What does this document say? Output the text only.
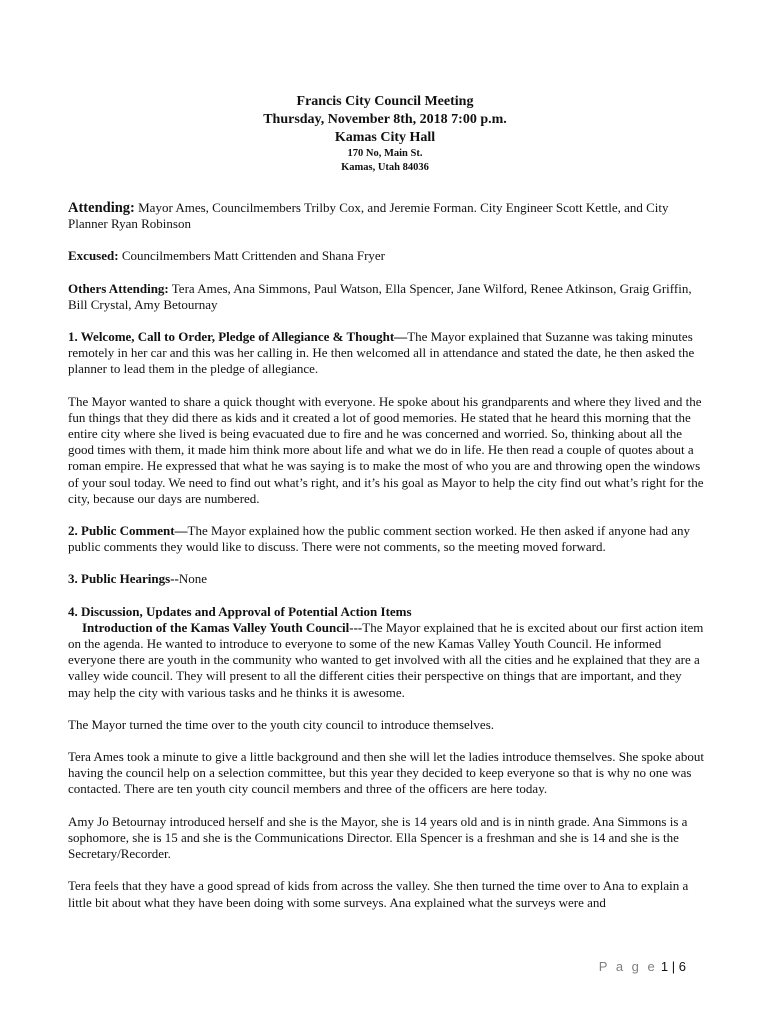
Francis City Council Meeting
Thursday, November 8th, 2018 7:00 p.m.
Kamas City Hall
170 No, Main St.
Kamas, Utah 84036

Attending: Mayor Ames, Councilmembers Trilby Cox, and Jeremie Forman. City Engineer Scott Kettle, and City Planner Ryan Robinson

Excused: Councilmembers Matt Crittenden and Shana Fryer

Others Attending: Tera Ames, Ana Simmons, Paul Watson, Ella Spencer, Jane Wilford, Renee Atkinson, Graig Griffin, Bill Crystal, Amy Betournay

1. Welcome, Call to Order, Pledge of Allegiance & Thought—The Mayor explained that Suzanne was taking minutes remotely in her car and this was her calling in. He then welcomed all in attendance and stated the date, he then asked the planner to lead them in the pledge of allegiance.

The Mayor wanted to share a quick thought with everyone. He spoke about his grandparents and where they lived and the fun things that they did there as kids and it created a lot of good memories. He stated that he heard this morning that the entire city where she lived is being evacuated due to fire and he was concerned and worried. So, thinking about all the good times with them, it made him think more about life and what we do in life. He then read a couple of quotes about a roman empire. He expressed that what he was saying is to make the most of who you are and throwing open the windows of your soul today. We need to find out what’s right, and it’s his goal as Mayor to help the city find out what’s right for the city, because our days are numbered.

2. Public Comment—The Mayor explained how the public comment section worked. He then asked if anyone had any public comments they would like to discuss. There were not comments, so the meeting moved forward.

3. Public Hearings--None

4. Discussion, Updates and Approval of Potential Action Items

Introduction of the Kamas Valley Youth Council---The Mayor explained that he is excited about our first action item on the agenda. He wanted to introduce to everyone to some of the new Kamas Valley Youth Council. He informed everyone there are youth in the community who wanted to get involved with all the cities and he explained that they are a valley wide council. They will present to all the different cities their perspective on things that are important, and they may help the city with various tasks and he thinks it is awesome.

The Mayor turned the time over to the youth city council to introduce themselves.

Tera Ames took a minute to give a little background and then she will let the ladies introduce themselves. She spoke about having the council help on a selection committee, but this year they decided to keep everyone so that is why no one was contacted. There are ten youth city council members and three of the officers are here today.

Amy Jo Betournay introduced herself and she is the Mayor, she is 14 years old and is in ninth grade. Ana Simmons is a sophomore, she is 15 and she is the Communications Director. Ella Spencer is a freshman and she is 14 and she is the Secretary/Recorder.

Tera feels that they have a good spread of kids from across the valley. She then turned the time over to Ana to explain a little bit about what they have been doing with some surveys. Ana explained what the surveys were and

P a g e 1 | 6
